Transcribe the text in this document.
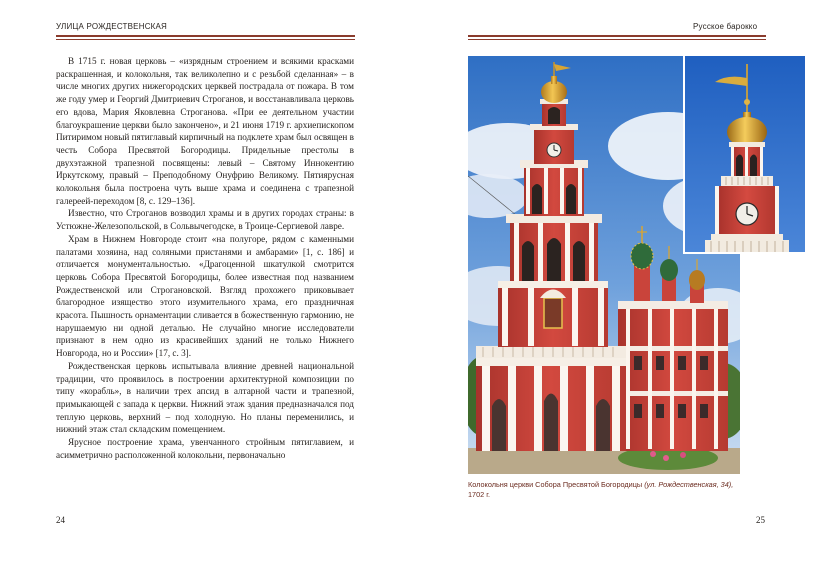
УЛИЦА РОЖДЕСТВЕНСКАЯ

В 1715 г. новая церковь – «изрядным строением и всякими красками раскрашенная, и колокольня, так великолепно и с резьбой сделанная» – в числе многих других нижегородских церквей пострадала от пожара. В том же году умер и Георгий Дмитриевич Строганов, и восстанавливала церковь его вдова, Мария Яковлевна Строганова. «При ее деятельном участии благоукрашение церкви было закончено», и 21 июня 1719 г. архиепископом Питиримом новый пятиглавый кирпичный на подклете храм был освящен в честь Собора Пресвятой Богородицы. Придельные престолы в двухэтажной трапезной посвящены: левый – Святому Иннокентию Иркутскому, правый – Преподобному Онуфрию Великому. Пятиярусная колокольня была построена чуть выше храма и соединена с трапезной галереей-переходом [8, с. 129–136].

Известно, что Строганов возводил храмы и в других городах страны: в Устюжне-Железопольской, в Сольвычегодске, в Троице-Сергиевой лавре.

Храм в Нижнем Новгороде стоит «на полугоре, рядом с каменными палатами хозяина, над соляными пристанями и амбарами» [1, с. 186] и отличается монументальностью. «Драгоценной шкатулкой смотрится церковь Собора Пресвятой Богородицы, более известная под названием Рождественской или Строгановской. Взгляд прохожего приковывает благородное изящество этого изумительного храма, его праздничная красота. Пышность орнаментации сливается в божественную гармонию, не нарушаемую ни одной деталью. Не случайно многие исследователи признают в нем одно из красивейших зданий не только Нижнего Новгорода, но и России» [17, с. 3].

Рождественская церковь испытывала влияние древней национальной традиции, что проявилось в построении архитектурной композиции по типу «корабль», в наличии трех апсид в алтарной части и трапезной, примыкающей с запада к церкви. Нижний этаж здания предназначался под теплую церковь, верхний – под холодную. Но планы переменились, и нижний этаж стал складским помещением.

Ярусное построение храма, увенчанного стройным пятиглавием, и асимметрично расположенной колокольни, первоначально

24
Русское барокко
25
Колокольня церкви Собора Пресвятой Богородицы (ул. Рождественская, 34),
1702 г.
